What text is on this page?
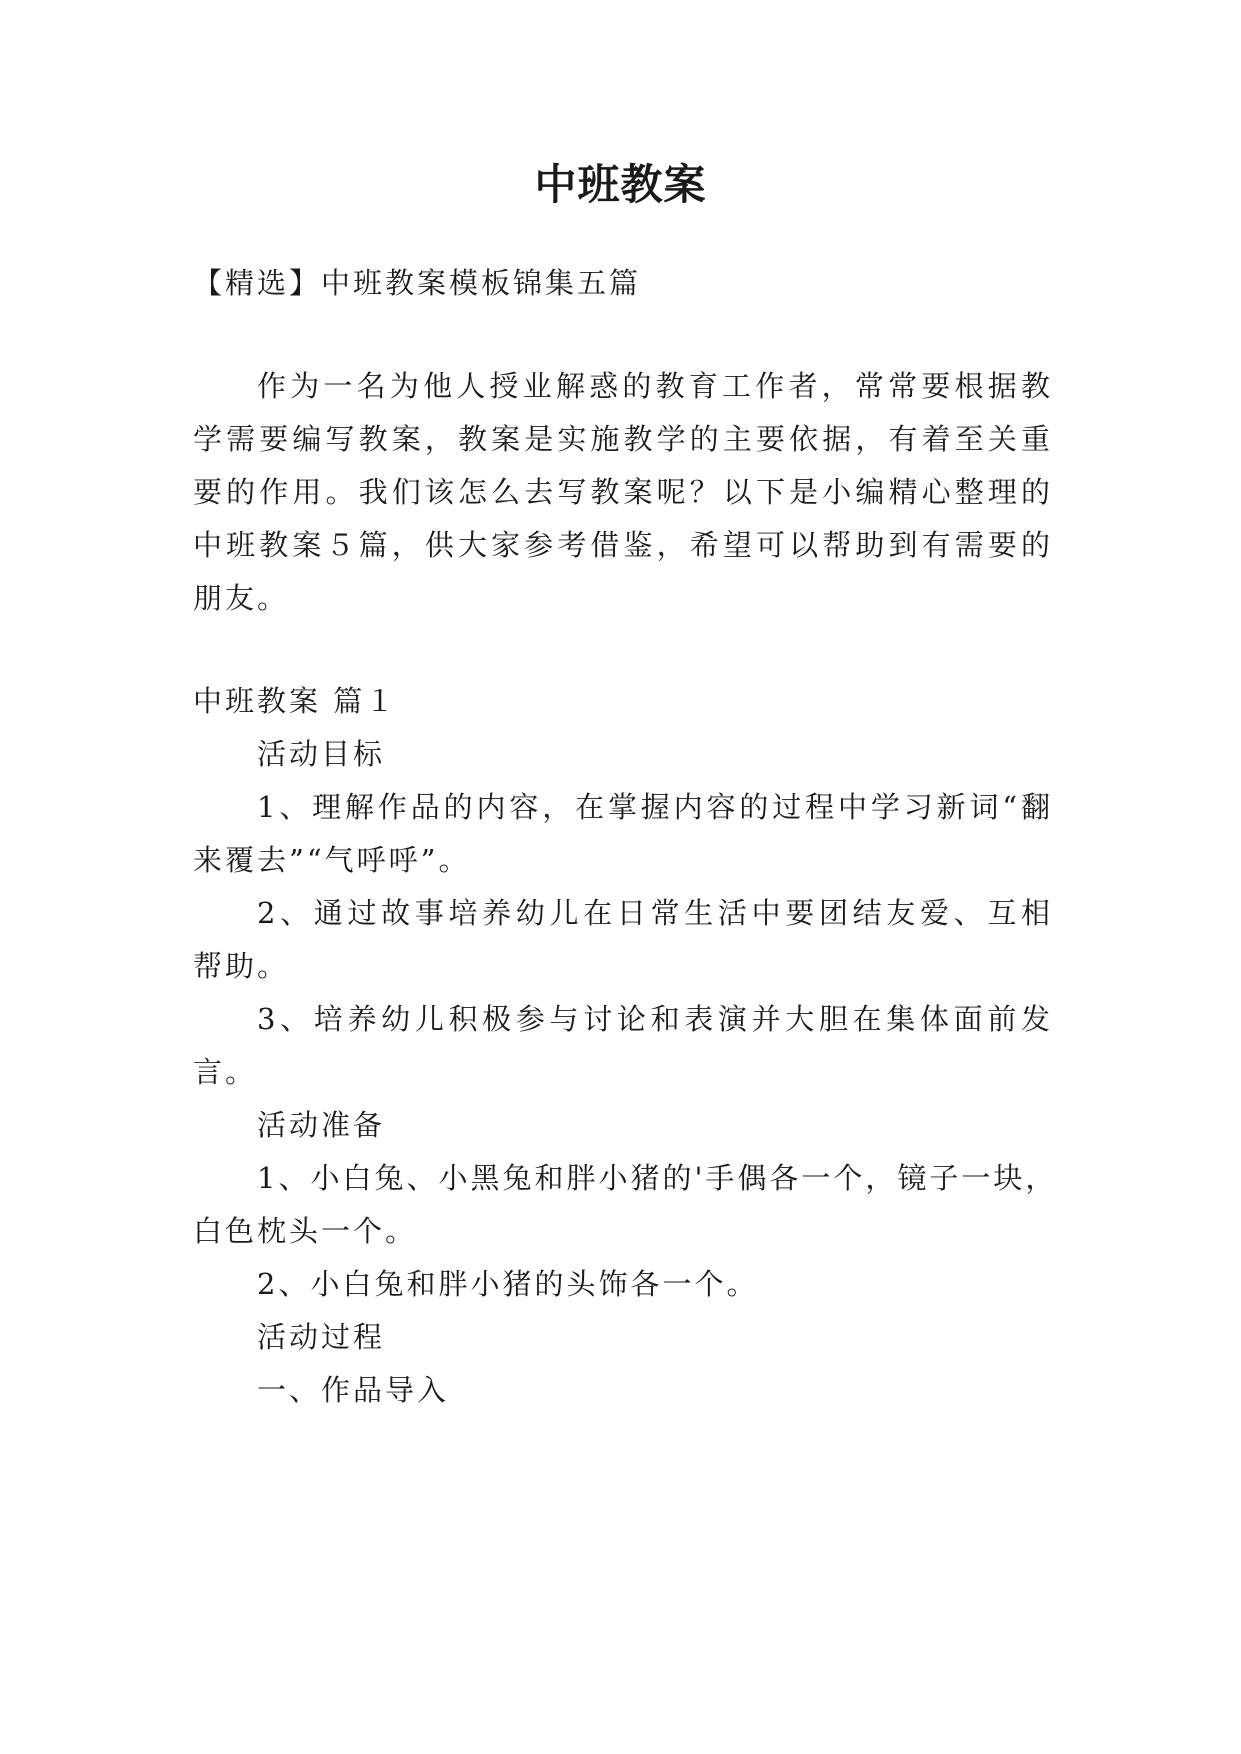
中班教案
【精选】中班教案模板锦集五篇
作为一名为他人授业解惑的教育工作者，常常要根据教
学需要编写教案，教案是实施教学的主要依据，有着至关重
要的作用。我们该怎么去写教案呢？以下是小编精心整理的
中班教案５篇，供大家参考借鉴，希望可以帮助到有需要的
朋友。
中班教案 篇１
活动目标
1、理解作品的内容，在掌握内容的过程中学习新词“翻
来覆去”“气呼呼”。
2、通过故事培养幼儿在日常生活中要团结友爱、互相
帮助。
3、培养幼儿积极参与讨论和表演并大胆在集体面前发
言。
活动准备
1、小白兔、小黑兔和胖小猪的'手偶各一个，镜子一块，
白色枕头一个。
2、小白兔和胖小猪的头饰各一个。
活动过程
一、作品导入
